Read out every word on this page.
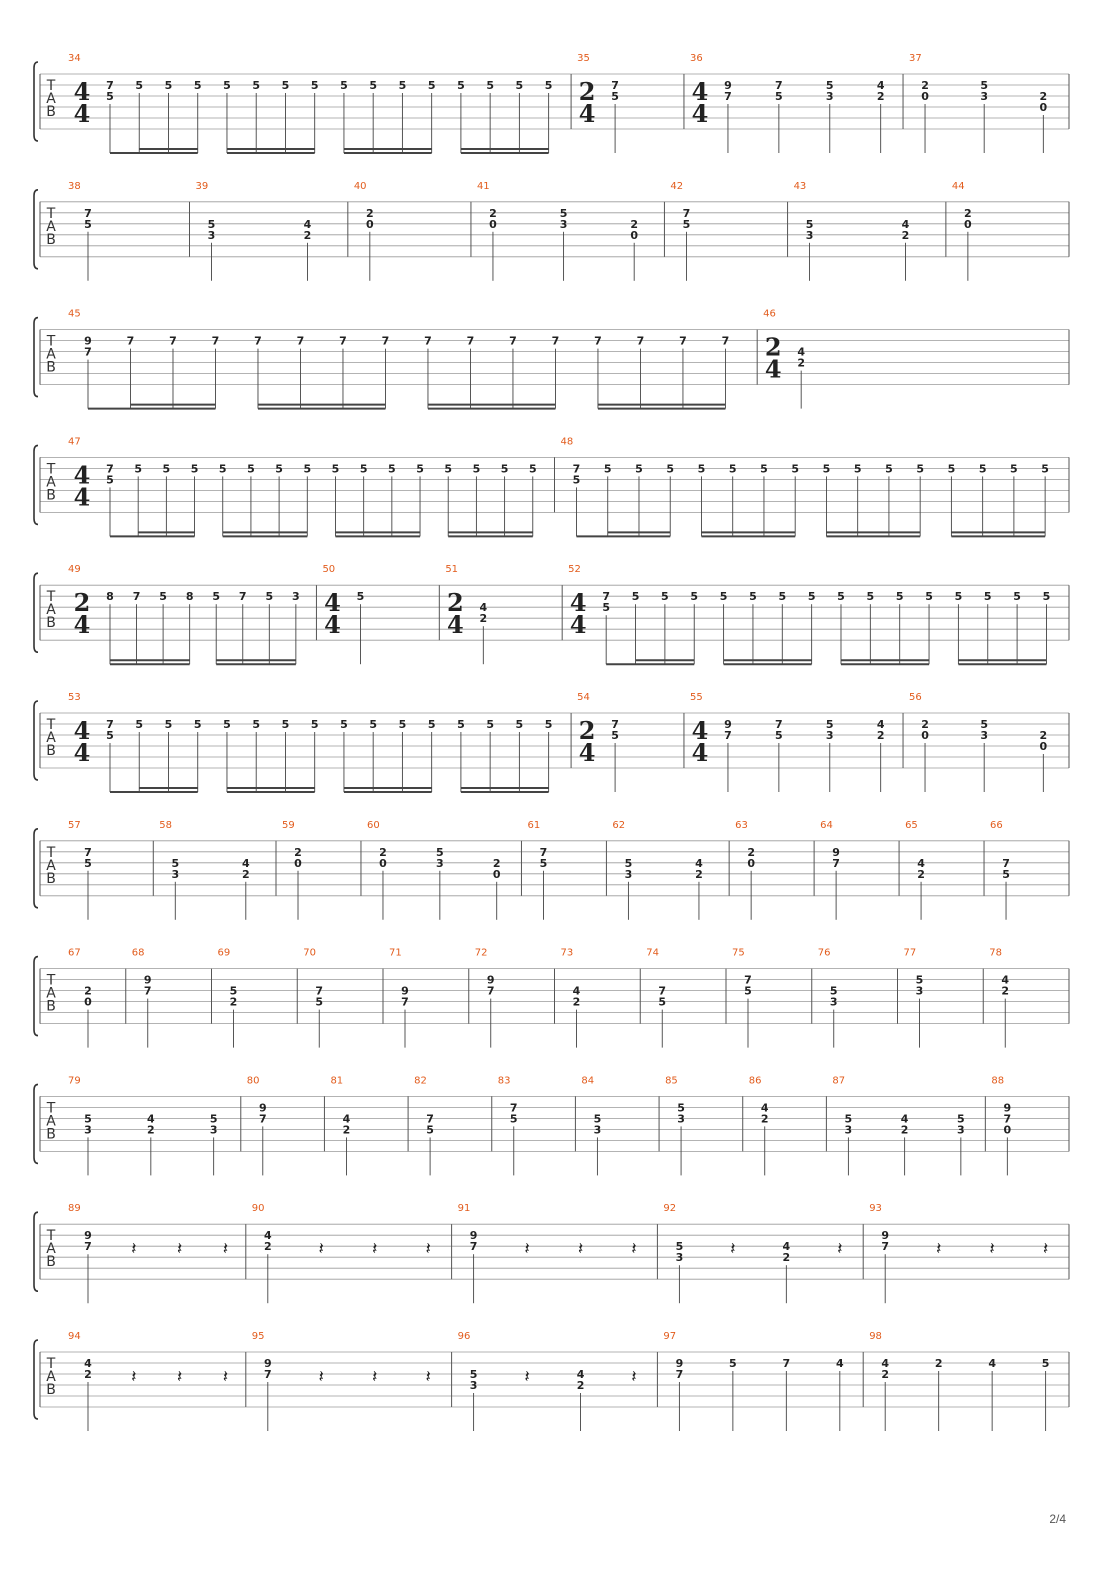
T
A
B
34
4
4
7
5
5 5 5 5 5 5 5 5 5 5 5 5 5 5 5
35
2
4
7
5
36
4
4
9
7
7
5
5
3
4
2
37
2
0
5
3	2
0
T
A
B
38
7
5
39
5
3
4
2
40
2
0
41
2
0
5
3	2
0
42
7
5
43
5
3
4
2
44
2
0
T
A
B
45
9
7
7	7	7	7	7	7	7	7	7	7	7	7	7	7	7
46
2
4
4
2
T
A
B
47
4
4
7
5
5 5 5 5 5 5 5 5 5 5 5 5 5 5 5
48
7
5
5 5 5 5 5 5 5 5 5 5 5 5 5 5 5
T
A
B
49
2
4
8 7 5 8 5 7 5 3
50
4
4
5
51
2
4
4
2
52
4
4
7
5
5 5 5 5 5 5 5 5 5 5 5 5 5 5 5
T
A
B
53
4
4
7
5
5 5 5 5 5 5 5 5 5 5 5 5 5 5 5
54
2
4
7
5
55
4
4
9
7
7
5
5
3
4
2
56
2
0
5
3	2
0
T
A
B
57
7
5
58
5
3
4
2
59
2
0
60
2
0
5
3	2
0
61
7
5
62
5
3
4
2
63
2
0
64
9
7
65
4
2
66
7
5
T
A
B
67
2
0
68
9
7
69
5
2
70
7
5
71
9
7
72
9
7
73
4
2
74
7
5
75
7
5
76
5
3
77
5
3
78
4
2
T
A
B
79
5
3
4
2
5
3
80
9
7
81
4
2
82
7
5
83
7
5
84
5
3
85
5
3
86
4
2
87
5
3
4
2
5
3
88
9
7
0
T
A
B
89
9
7 𝄽 𝄽 𝄽
90
4
2	𝄽	𝄽	𝄽
91
9
7	𝄽	𝄽	𝄽
92
5
3	𝄽	4
2	𝄽
93
9
7	𝄽	𝄽	𝄽
T
A
B
94
4
2 𝄽 𝄽 𝄽
95
9
7	𝄽	𝄽	𝄽
96
5
3	𝄽	4
2	𝄽
97
9
7
5	7	4
98
4
2
2	4	5
2/4
